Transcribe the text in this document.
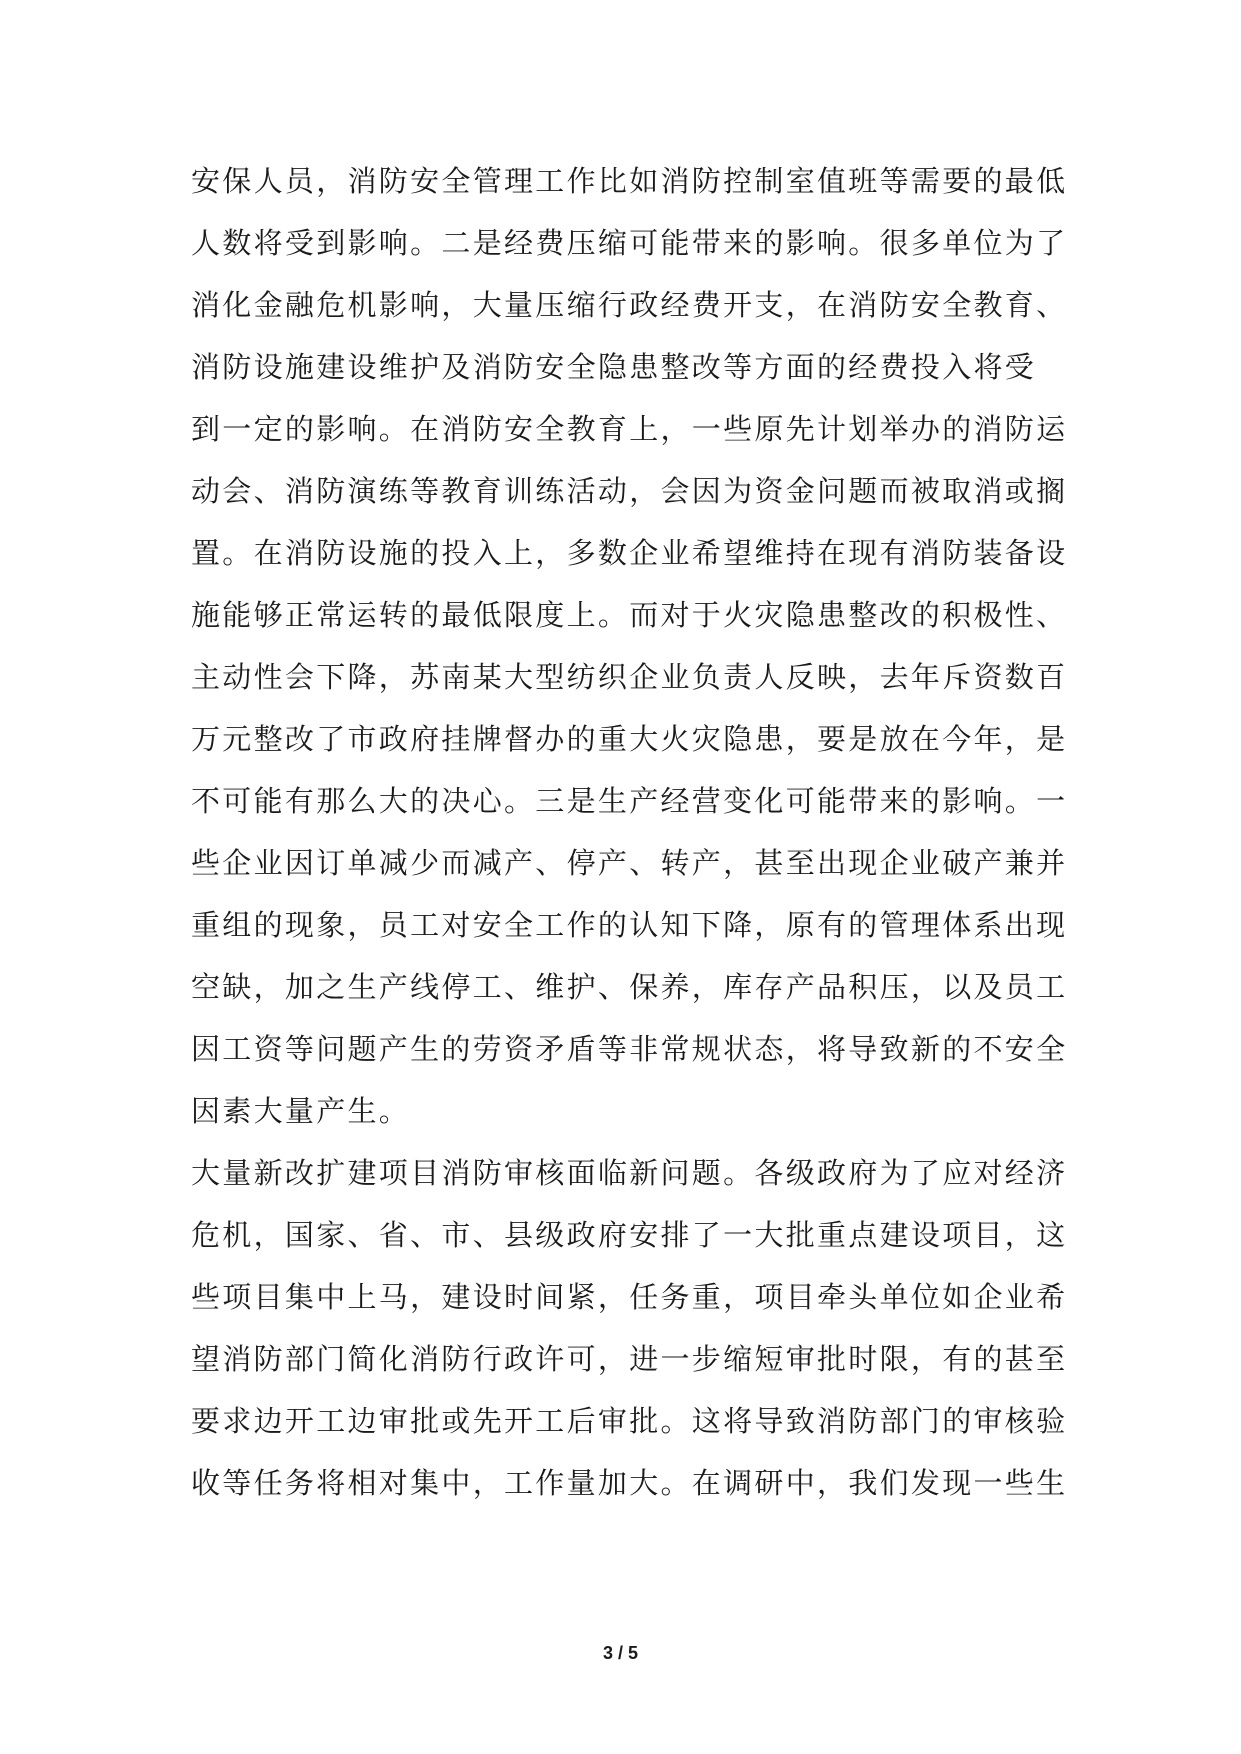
安保人员，消防安全管理工作比如消防控制室值班等需要的最低
人数将受到影响。二是经费压缩可能带来的影响。很多单位为了
消化金融危机影响，大量压缩行政经费开支，在消防安全教育、
消防设施建设维护及消防安全隐患整改等方面的经费投入将受
到一定的影响。在消防安全教育上，一些原先计划举办的消防运
动会、消防演练等教育训练活动，会因为资金问题而被取消或搁
置。在消防设施的投入上，多数企业希望维持在现有消防装备设
施能够正常运转的最低限度上。而对于火灾隐患整改的积极性、
主动性会下降，苏南某大型纺织企业负责人反映，去年斥资数百
万元整改了市政府挂牌督办的重大火灾隐患，要是放在今年，是
不可能有那么大的决心。三是生产经营变化可能带来的影响。一
些企业因订单减少而减产、停产、转产，甚至出现企业破产兼并
重组的现象，员工对安全工作的认知下降，原有的管理体系出现
空缺，加之生产线停工、维护、保养，库存产品积压，以及员工
因工资等问题产生的劳资矛盾等非常规状态，将导致新的不安全
因素大量产生。
大量新改扩建项目消防审核面临新问题。各级政府为了应对经济
危机，国家、省、市、县级政府安排了一大批重点建设项目，这
些项目集中上马，建设时间紧，任务重，项目牵头单位如企业希
望消防部门简化消防行政许可，进一步缩短审批时限，有的甚至
要求边开工边审批或先开工后审批。这将导致消防部门的审核验
收等任务将相对集中，工作量加大。在调研中，我们发现一些生
3 / 5
